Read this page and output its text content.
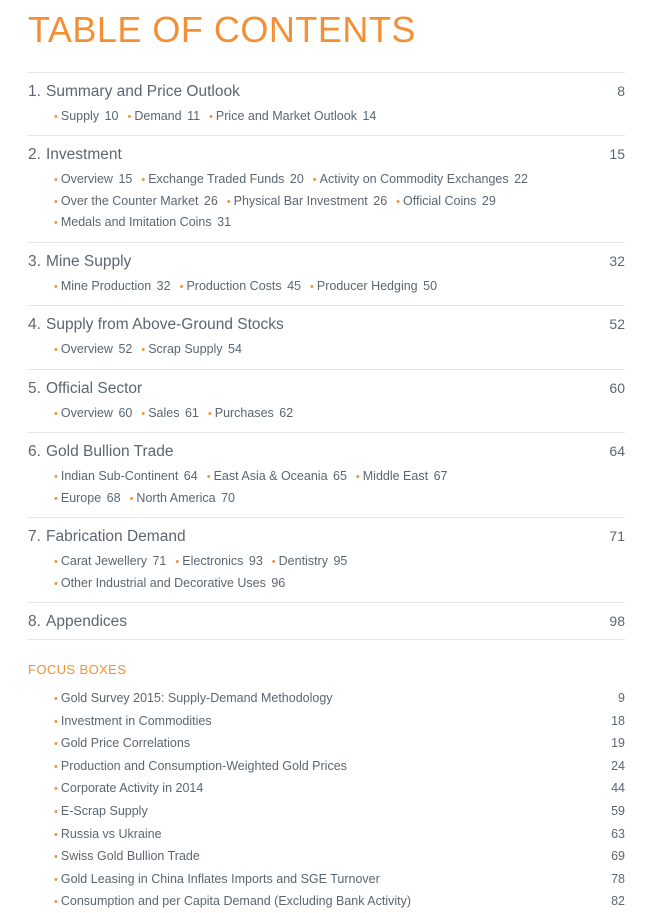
TABLE OF CONTENTS
1. Summary and Price Outlook	8
• Supply 10 • Demand 11 • Price and Market Outlook 14
2. Investment	15
• Overview 15 • Exchange Traded Funds 20 • Activity on Commodity Exchanges 22
• Over the Counter Market 26 • Physical Bar Investment 26 • Official Coins 29
• Medals and Imitation Coins 31
3. Mine Supply	32
• Mine Production 32 • Production Costs 45 • Producer Hedging 50
4. Supply from Above-Ground Stocks	52
• Overview 52 • Scrap Supply 54
5. Official Sector	60
• Overview 60 • Sales 61 • Purchases 62
6. Gold Bullion Trade	64
• Indian Sub-Continent 64 • East Asia & Oceania 65 • Middle East 67
• Europe 68 • North America 70
7. Fabrication Demand	71
• Carat Jewellery 71 • Electronics 93 • Dentistry 95
• Other Industrial and Decorative Uses 96
8. Appendices	98
FOCUS BOXES
• Gold Survey 2015: Supply-Demand Methodology	9
• Investment in Commodities	18
• Gold Price Correlations	19
• Production and Consumption-Weighted Gold Prices	24
• Corporate Activity in 2014	44
• E-Scrap Supply	59
• Russia vs Ukraine	63
• Swiss Gold Bullion Trade	69
• Gold Leasing in China Inflates Imports and SGE Turnover	78
• Consumption and per Capita Demand (Excluding Bank Activity)	82
